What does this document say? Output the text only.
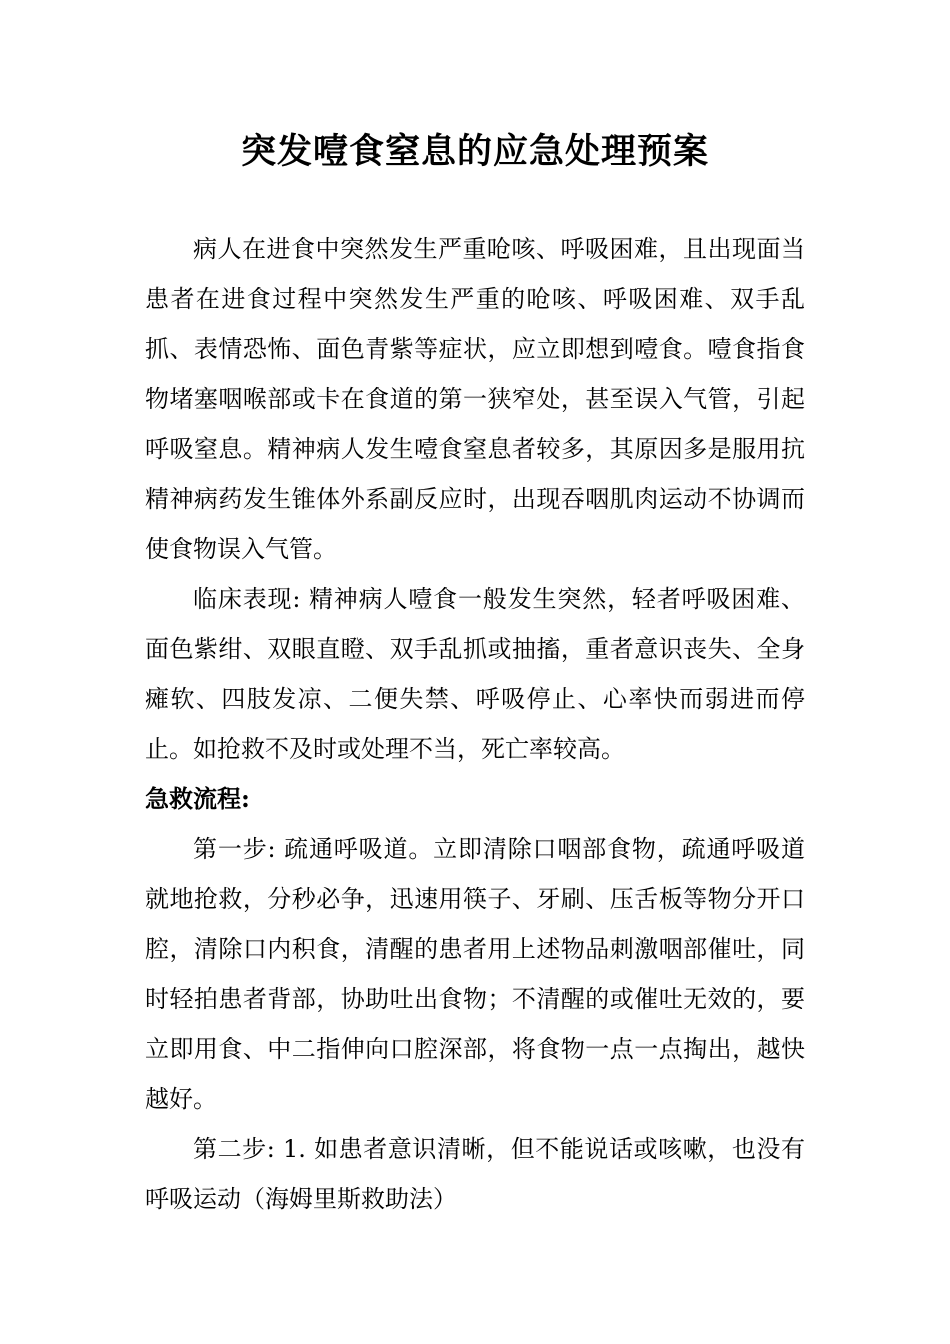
突发噎食窒息的应急处理预案

病人在进食中突然发生严重呛咳、呼吸困难，且出现面当患者在进食过程中突然发生严重的呛咳、呼吸困难、双手乱抓、表情恐怖、面色青紫等症状，应立即想到噎食。噎食指食物堵塞咽喉部或卡在食道的第一狭窄处，甚至误入气管，引起呼吸窒息。精神病人发生噎食窒息者较多，其原因多是服用抗精神病药发生锥体外系副反应时，出现吞咽肌肉运动不协调而使食物误入气管。

临床表现: 精神病人噎食一般发生突然，轻者呼吸困难、面色紫绀、双眼直瞪、双手乱抓或抽搐，重者意识丧失、全身瘫软、四肢发凉、二便失禁、呼吸停止、心率快而弱进而停止。如抢救不及时或处理不当，死亡率较高。

急救流程:

第一步: 疏通呼吸道。立即清除口咽部食物，疏通呼吸道就地抢救，分秒必争，迅速用筷子、牙刷、压舌板等物分开口腔，清除口内积食，清醒的患者用上述物品刺激咽部催吐，同时轻拍患者背部，协助吐出食物；不清醒的或催吐无效的，要立即用食、中二指伸向口腔深部，将食物一点一点掏出，越快越好。

第二步: 1. 如患者意识清晰，但不能说话或咳嗽，也没有呼吸运动（海姆里斯救助法）
